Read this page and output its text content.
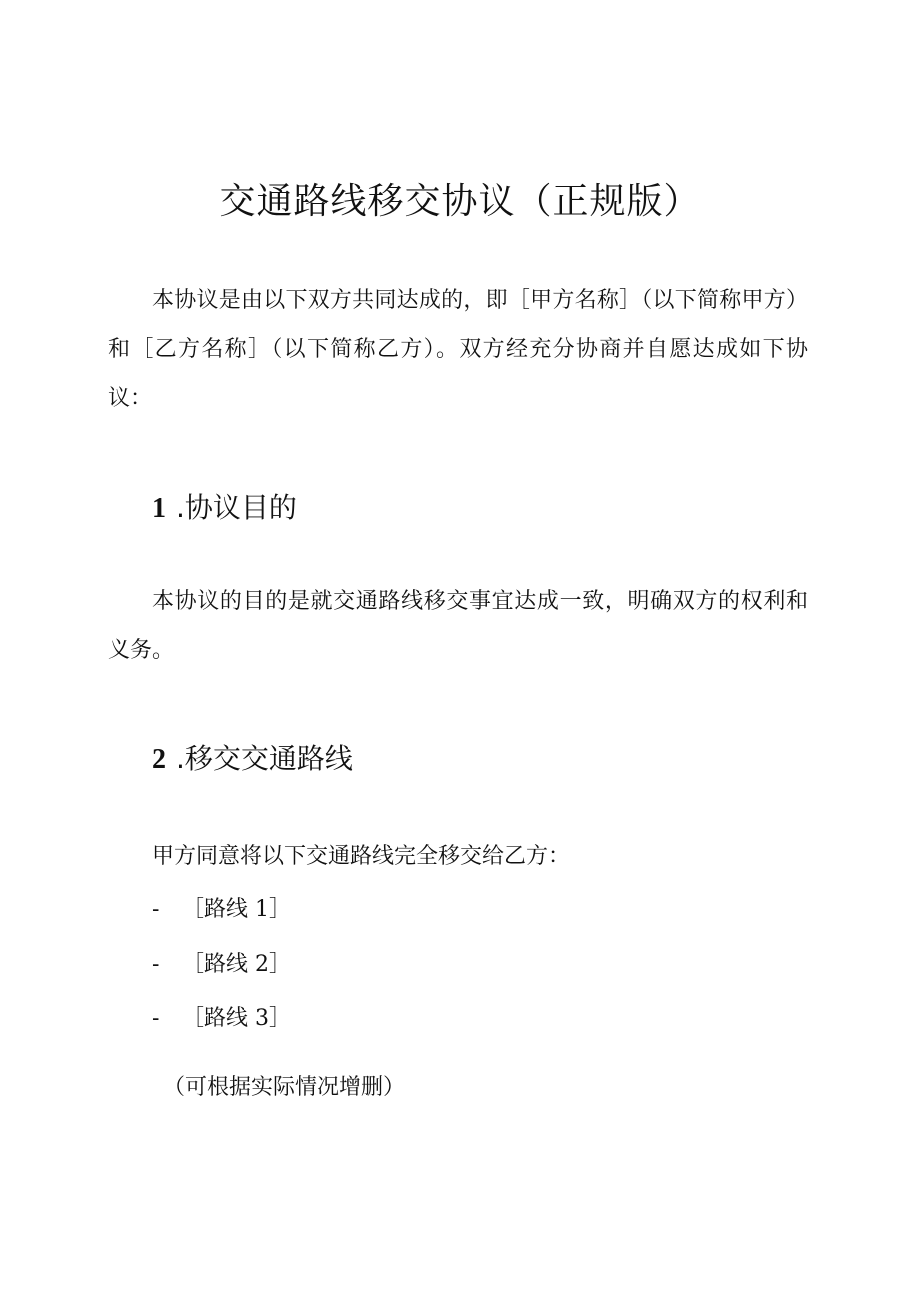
交通路线移交协议（正规版）
本协议是由以下双方共同达成的，即［甲方名称］（以下简称甲方）和［乙方名称］（以下简称乙方）。双方经充分协商并自愿达成如下协议：
1 .协议目的
本协议的目的是就交通路线移交事宜达成一致，明确双方的权利和义务。
2 .移交交通路线
甲方同意将以下交通路线完全移交给乙方：
- ［路线 1］
- ［路线 2］
- ［路线 3］
（可根据实际情况增删）
